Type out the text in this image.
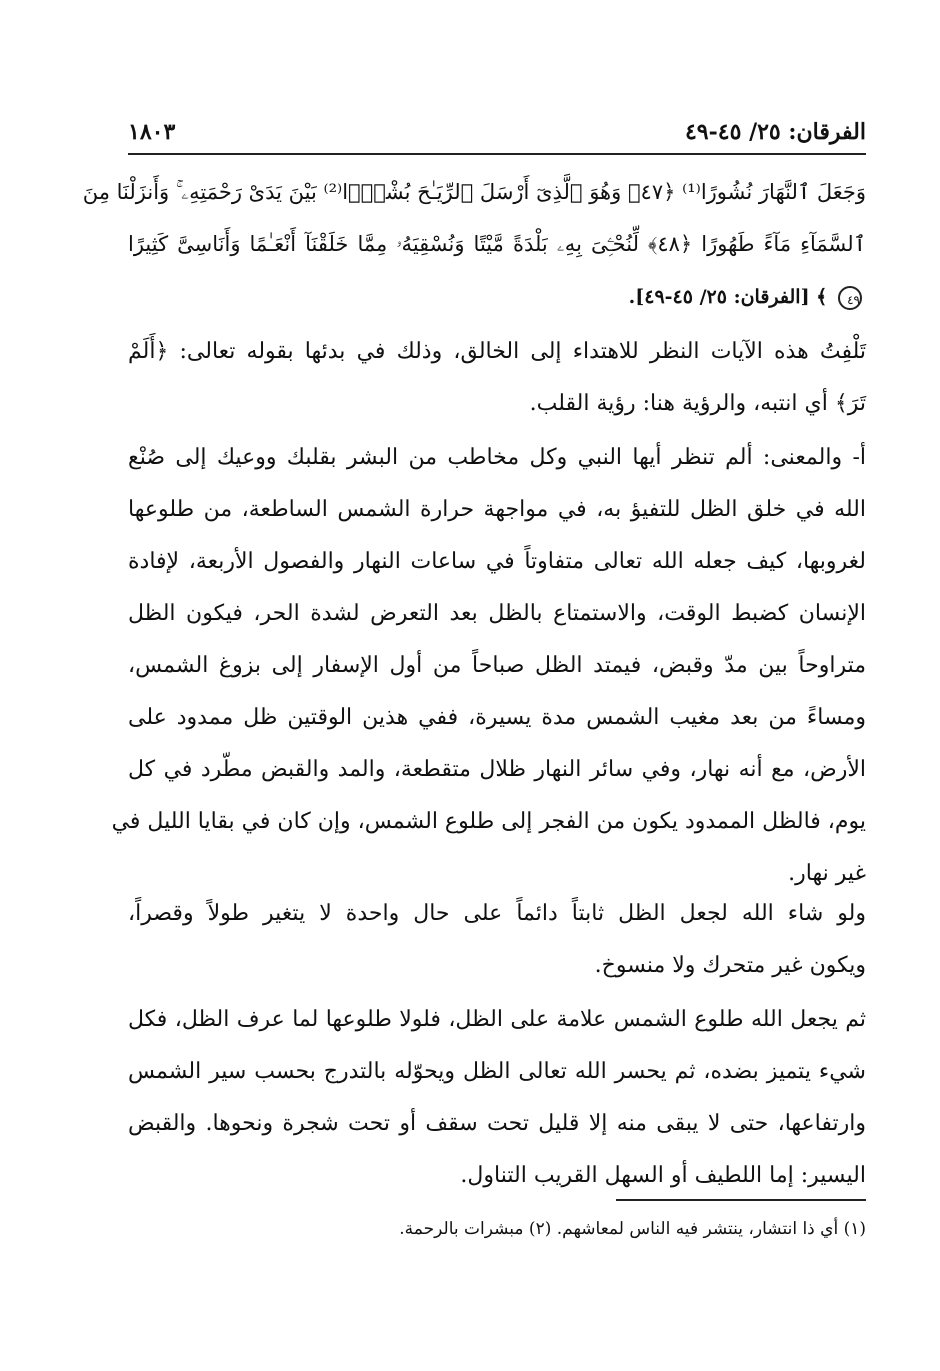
١٨٠٣	الفرقان: ٢٥/ ٤٥-٤٩
وَجَعَلَ ٱلنَّهَارَ نُشُورًا⁽¹⁾ ﴿٤٧﴾ وَهُوَ ٱلَّذِىٓ أَرْسَلَ ٱلرِّيَـٰحَ بُشْرًۢا⁽²⁾ بَيْنَ يَدَىْ رَحْمَتِهِۦ ۚ وَأَنزَلْنَا مِنَ
ٱلسَّمَآءِ مَآءً طَهُورًا ﴿٤٨﴾ لِّنُحْـِۧىَ بِهِۦ بَلْدَةً مَّيْتًا وَنُسْقِيَهُۥ مِمَّا خَلَقْنَآ أَنْعَـٰمًا وَأَنَاسِىَّ كَثِيرًا
٤٩ ﴾ [الفرقان: ٢٥/ ٤٥-٤٩].
تَلْفِتُ هذه الآيات النظر للاهتداء إلى الخالق، وذلك في بدئها بقوله تعالى: ﴿أَلَمْ
تَرَ﴾ أي انتبه، والرؤية هنا: رؤية القلب.
أ- والمعنى: ألم تنظر أيها النبي وكل مخاطب من البشر بقلبك ووعيك إلى صُنْع
الله في خلق الظل للتفيؤ به، في مواجهة حرارة الشمس الساطعة، من طلوعها
لغروبها، كيف جعله الله تعالى متفاوتاً في ساعات النهار والفصول الأربعة، لإفادة
الإنسان كضبط الوقت، والاستمتاع بالظل بعد التعرض لشدة الحر، فيكون الظل
متراوحاً بين مدّ وقبض، فيمتد الظل صباحاً من أول الإسفار إلى بزوغ الشمس،
ومساءً من بعد مغيب الشمس مدة يسيرة، ففي هذين الوقتين ظل ممدود على
الأرض، مع أنه نهار، وفي سائر النهار ظلال متقطعة، والمد والقبض مطّرد في كل
يوم، فالظل الممدود يكون من الفجر إلى طلوع الشمس، وإن كان في بقايا الليل في
غير نهار.
ولو شاء الله لجعل الظل ثابتاً دائماً على حال واحدة لا يتغير طولاً وقصراً،
ويكون غير متحرك ولا منسوخ.
ثم يجعل الله طلوع الشمس علامة على الظل، فلولا طلوعها لما عرف الظل، فكل
شيء يتميز بضده، ثم يحسر الله تعالى الظل ويحوّله بالتدرج بحسب سير الشمس
وارتفاعها، حتى لا يبقى منه إلا قليل تحت سقف أو تحت شجرة ونحوها. والقبض
اليسير: إما اللطيف أو السهل القريب التناول.
(١) أي ذا انتشار، ينتشر فيه الناس لمعاشهم. (٢) مبشرات بالرحمة.
